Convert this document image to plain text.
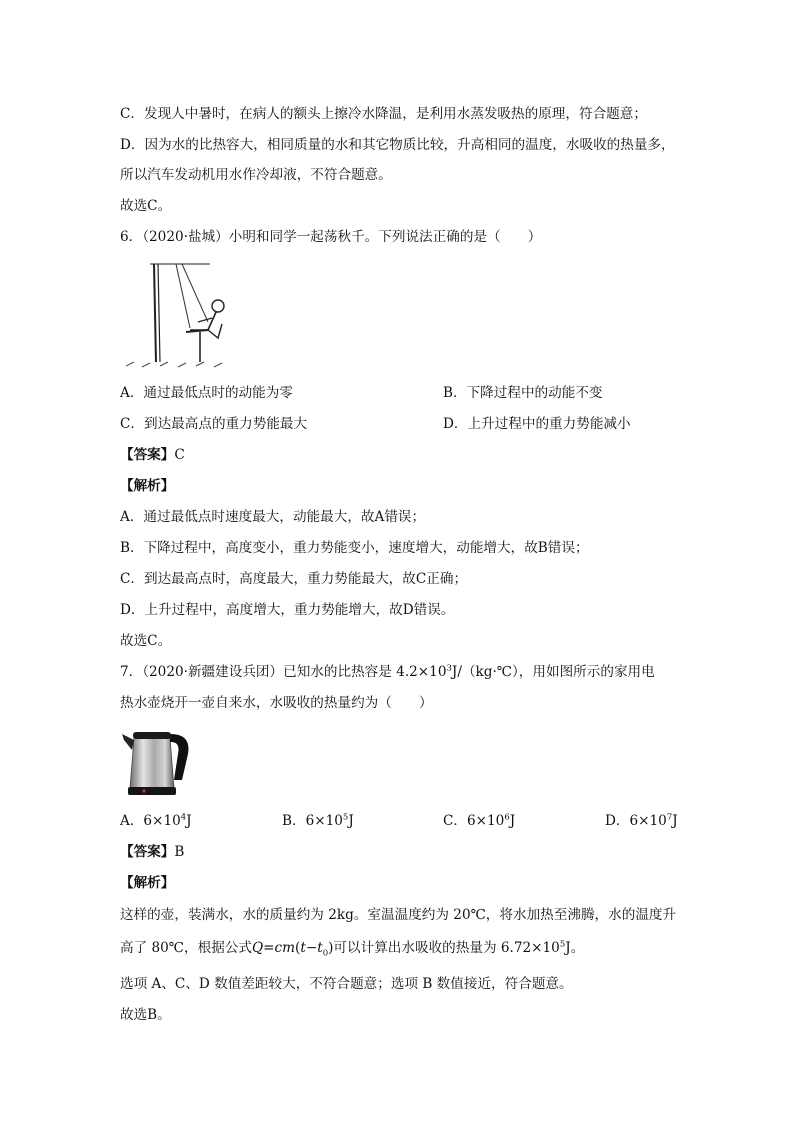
C．发现人中暑时，在病人的额头上擦冷水降温，是利用水蒸发吸热的原理，符合题意；
D．因为水的比热容大，相同质量的水和其它物质比较，升高相同的温度，水吸收的热量多，
所以汽车发动机用水作冷却液，不符合题意。
故选C。
6．（2020·盐城）小明和同学一起荡秋千。下列说法正确的是（　　）
A．通过最低点时的动能为零	B．下降过程中的动能不变
C．到达最高点的重力势能最大	D．上升过程中的重力势能减小
【答案】C
【解析】
A．通过最低点时速度最大，动能最大，故A错误；
B．下降过程中，高度变小，重力势能变小，速度增大，动能增大，故B错误；
C．到达最高点时，高度最大，重力势能最大，故C正确；
D．上升过程中，高度增大，重力势能增大，故D错误。
故选C。
7．（2020·新疆建设兵团）已知水的比热容是 $4.2\times 10^3J/(kg\cdot℃)$，用如图所示的家用电
热水壶烧开一壶自来水，水吸收的热量约为（　　）
A．$6\times 10^4J$	B．$6\times 10^5J$	C．$6\times 10^6J$	D．$6\times 10^7J$
【答案】B
【解析】
这样的壶，装满水，水的质量约为 2kg。室温温度约为 20℃，将水加热至沸腾，水的温度升
高了 80℃，根据公式$Q=cm(t-t_0)$可以计算出水吸收的热量为 $6.72\times 10^5J$。
选项 A、C、D 数值差距较大，不符合题意；选项 B 数值接近，符合题意。
故选B。
